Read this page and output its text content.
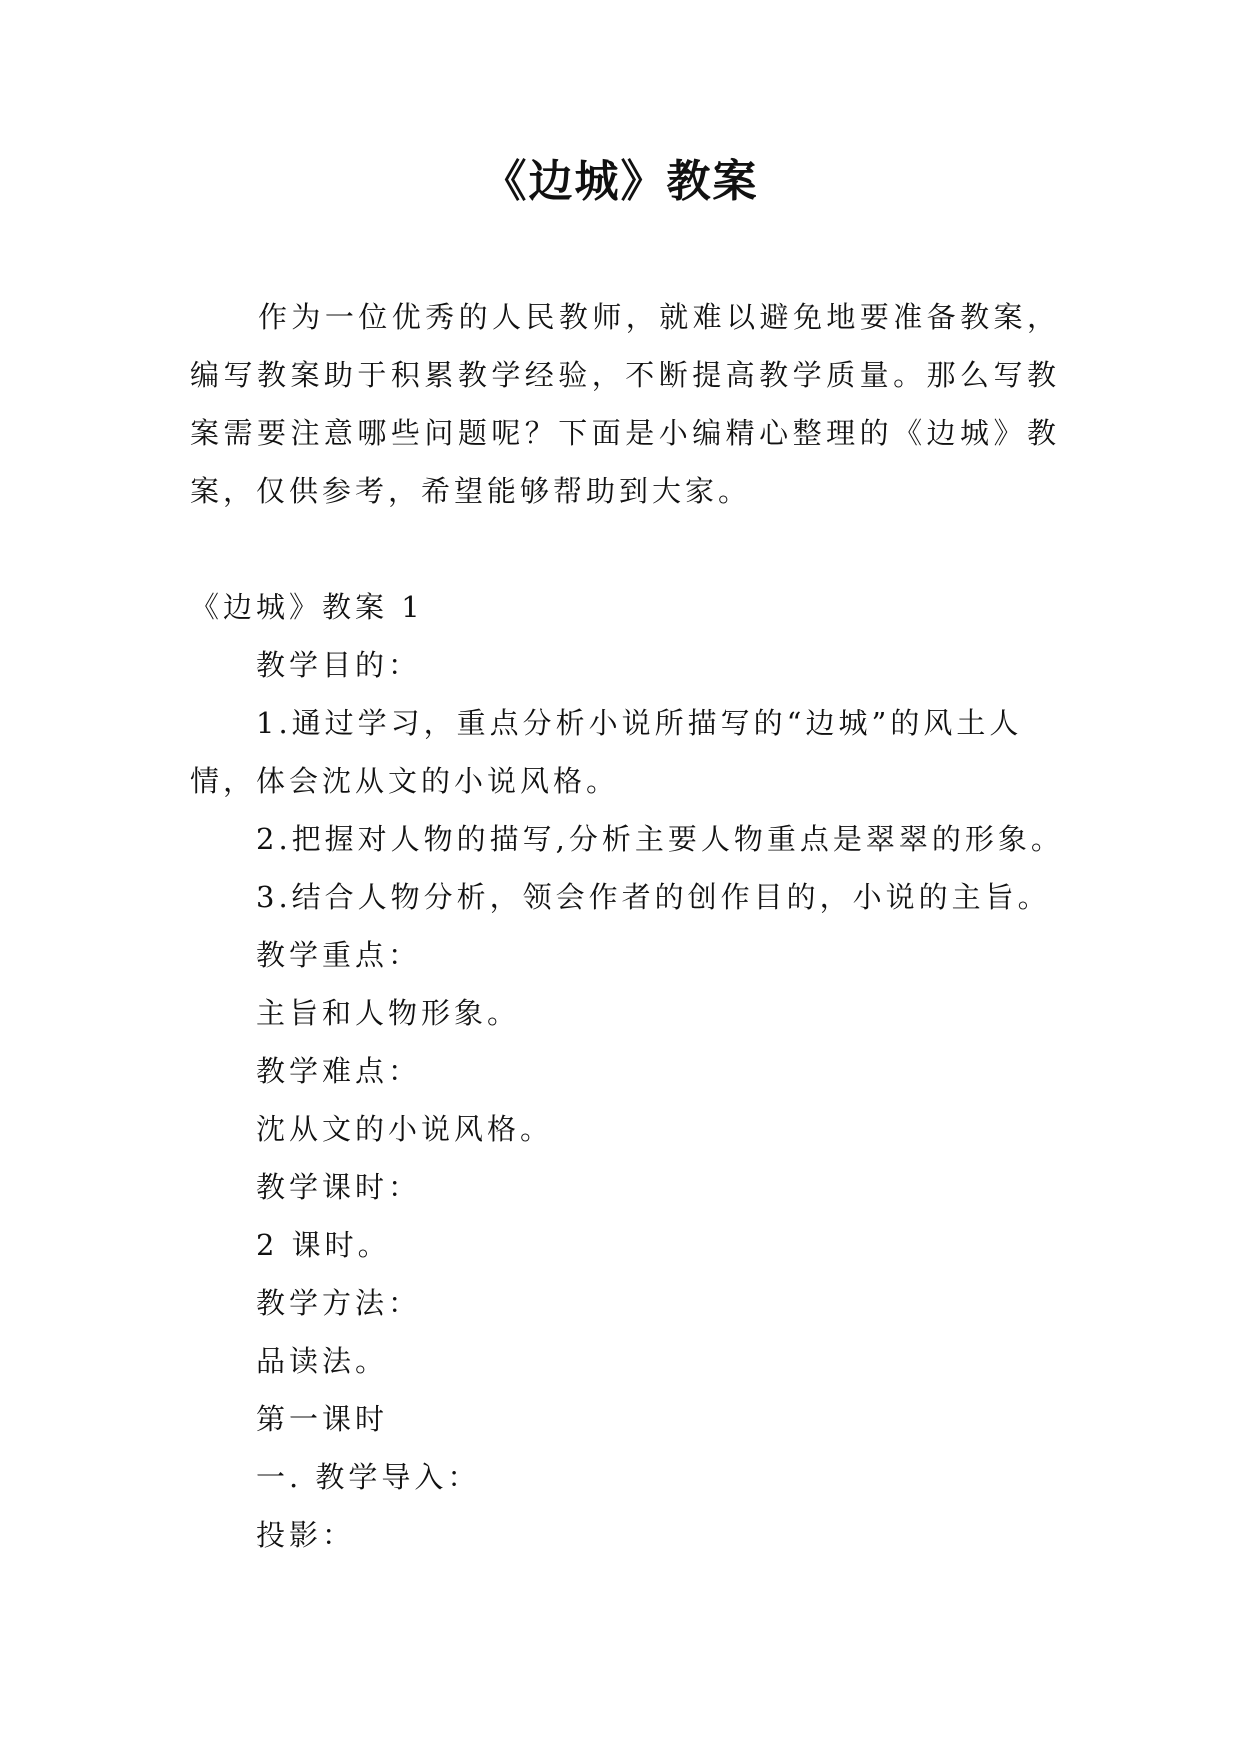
《边城》教案

作为一位优秀的人民教师，就难以避免地要准备教案，编写教案助于积累教学经验，不断提高教学质量。那么写教案需要注意哪些问题呢？下面是小编精心整理的《边城》教案，仅供参考，希望能够帮助到大家。

《边城》教案 1
教学目的：

1.通过学习，重点分析小说所描写的“边城”的风土人情，体会沈从文的小说风格。

2.把握对人物的描写,分析主要人物重点是翠翠的形象。
3.结合人物分析，领会作者的创作目的，小说的主旨。
教学重点：
主旨和人物形象。
教学难点：
沈从文的小说风格。
教学课时：
2 课时。
教学方法：
品读法。
第一课时
一. 教学导入：
投影：
